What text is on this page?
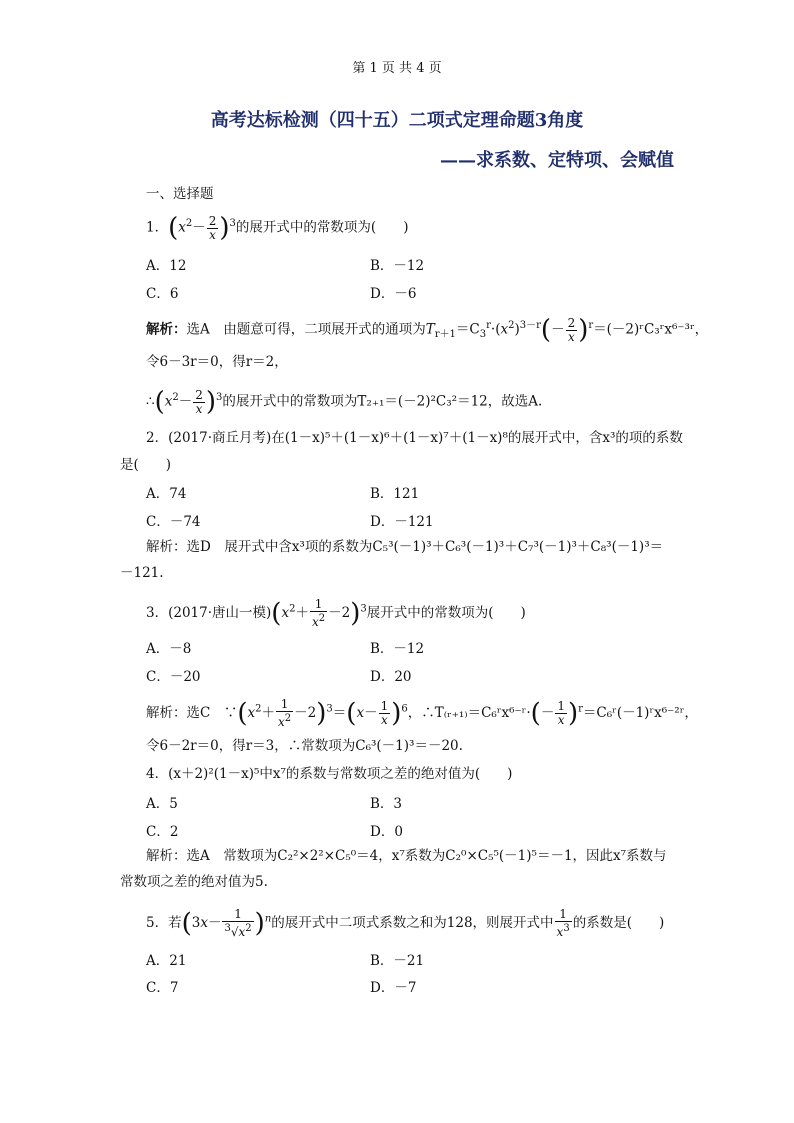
第 1 页 共 4 页
高考达标检测（四十五）二项式定理命题3角度
——求系数、定特项、会赋值
一、选择题
1．$(x^2- \frac{2}{x} )^3$的展开式中的常数项为(　　)
A．12	B．－12
C．6	D．－6
解析：选A　由题意可得，二项展开式的通项为$T_{r+1}=C_3^r\cdot(x^2)^{3-r}(- \frac{2}{x}$ )$^r=(-2)ʳC_3ʳx^{6-3}ʳ$，
令6－3r＝0，得r＝2，
$\therefore(x^2- \frac{2}{x} )^3$的展开式中的常数项为T₂₊₁＝(－2)²C₃²＝12，故选A.
2．(2017·商丘月考)在(1－x)⁵＋(1－x)⁶＋(1－x)⁷＋(1－x)⁸的展开式中，含x³的项的系数
是(　　)
A．74	B．121
C．－74	D．－121
解析：选D　展开式中含x³项的系数为C₅³(－1)³＋C₆³(－1)³＋C₇³(－1)³＋C₈³(－1)³＝
－121.
3．(2017·唐山一模)$(x^2+ \frac{1}{x^2} -2)^3$展开式中的常数项为(　　)
A．－8	B．－12
C．－20	D．20
解析：选C　$\because(x^2+ \frac{1}{x^2} -2)^3=(x- \frac{1}{x} )^6$，∴T₍ᵣ₊₁₎＝C₆ʳx⁶⁻ʳ·(－ $\frac{1}{x}$ )$^r$＝C₆ʳ(－1)ʳx⁶⁻²ʳ，
令6－2r＝0，得r＝3，∴常数项为C₆³(－1)³＝－20.
4．(x＋2)²(1－x)⁵中x⁷的系数与常数项之差的绝对值为(　　)
A．5	B．3
C．2	D．0
解析：选A　常数项为C₂²×2²×C₅⁰＝4，x⁷系数为C₂⁰×C₅⁵(－1)⁵＝－1，因此x⁷系数与
常数项之差的绝对值为5.
5．若$(3x- \frac{1}{^3√x^2} )^n$的展开式中二项式系数之和为128，则展开式中 $\frac{1}{x^3}$ 的系数是(　　)
A．21	B．－21
C．7	D．－7
